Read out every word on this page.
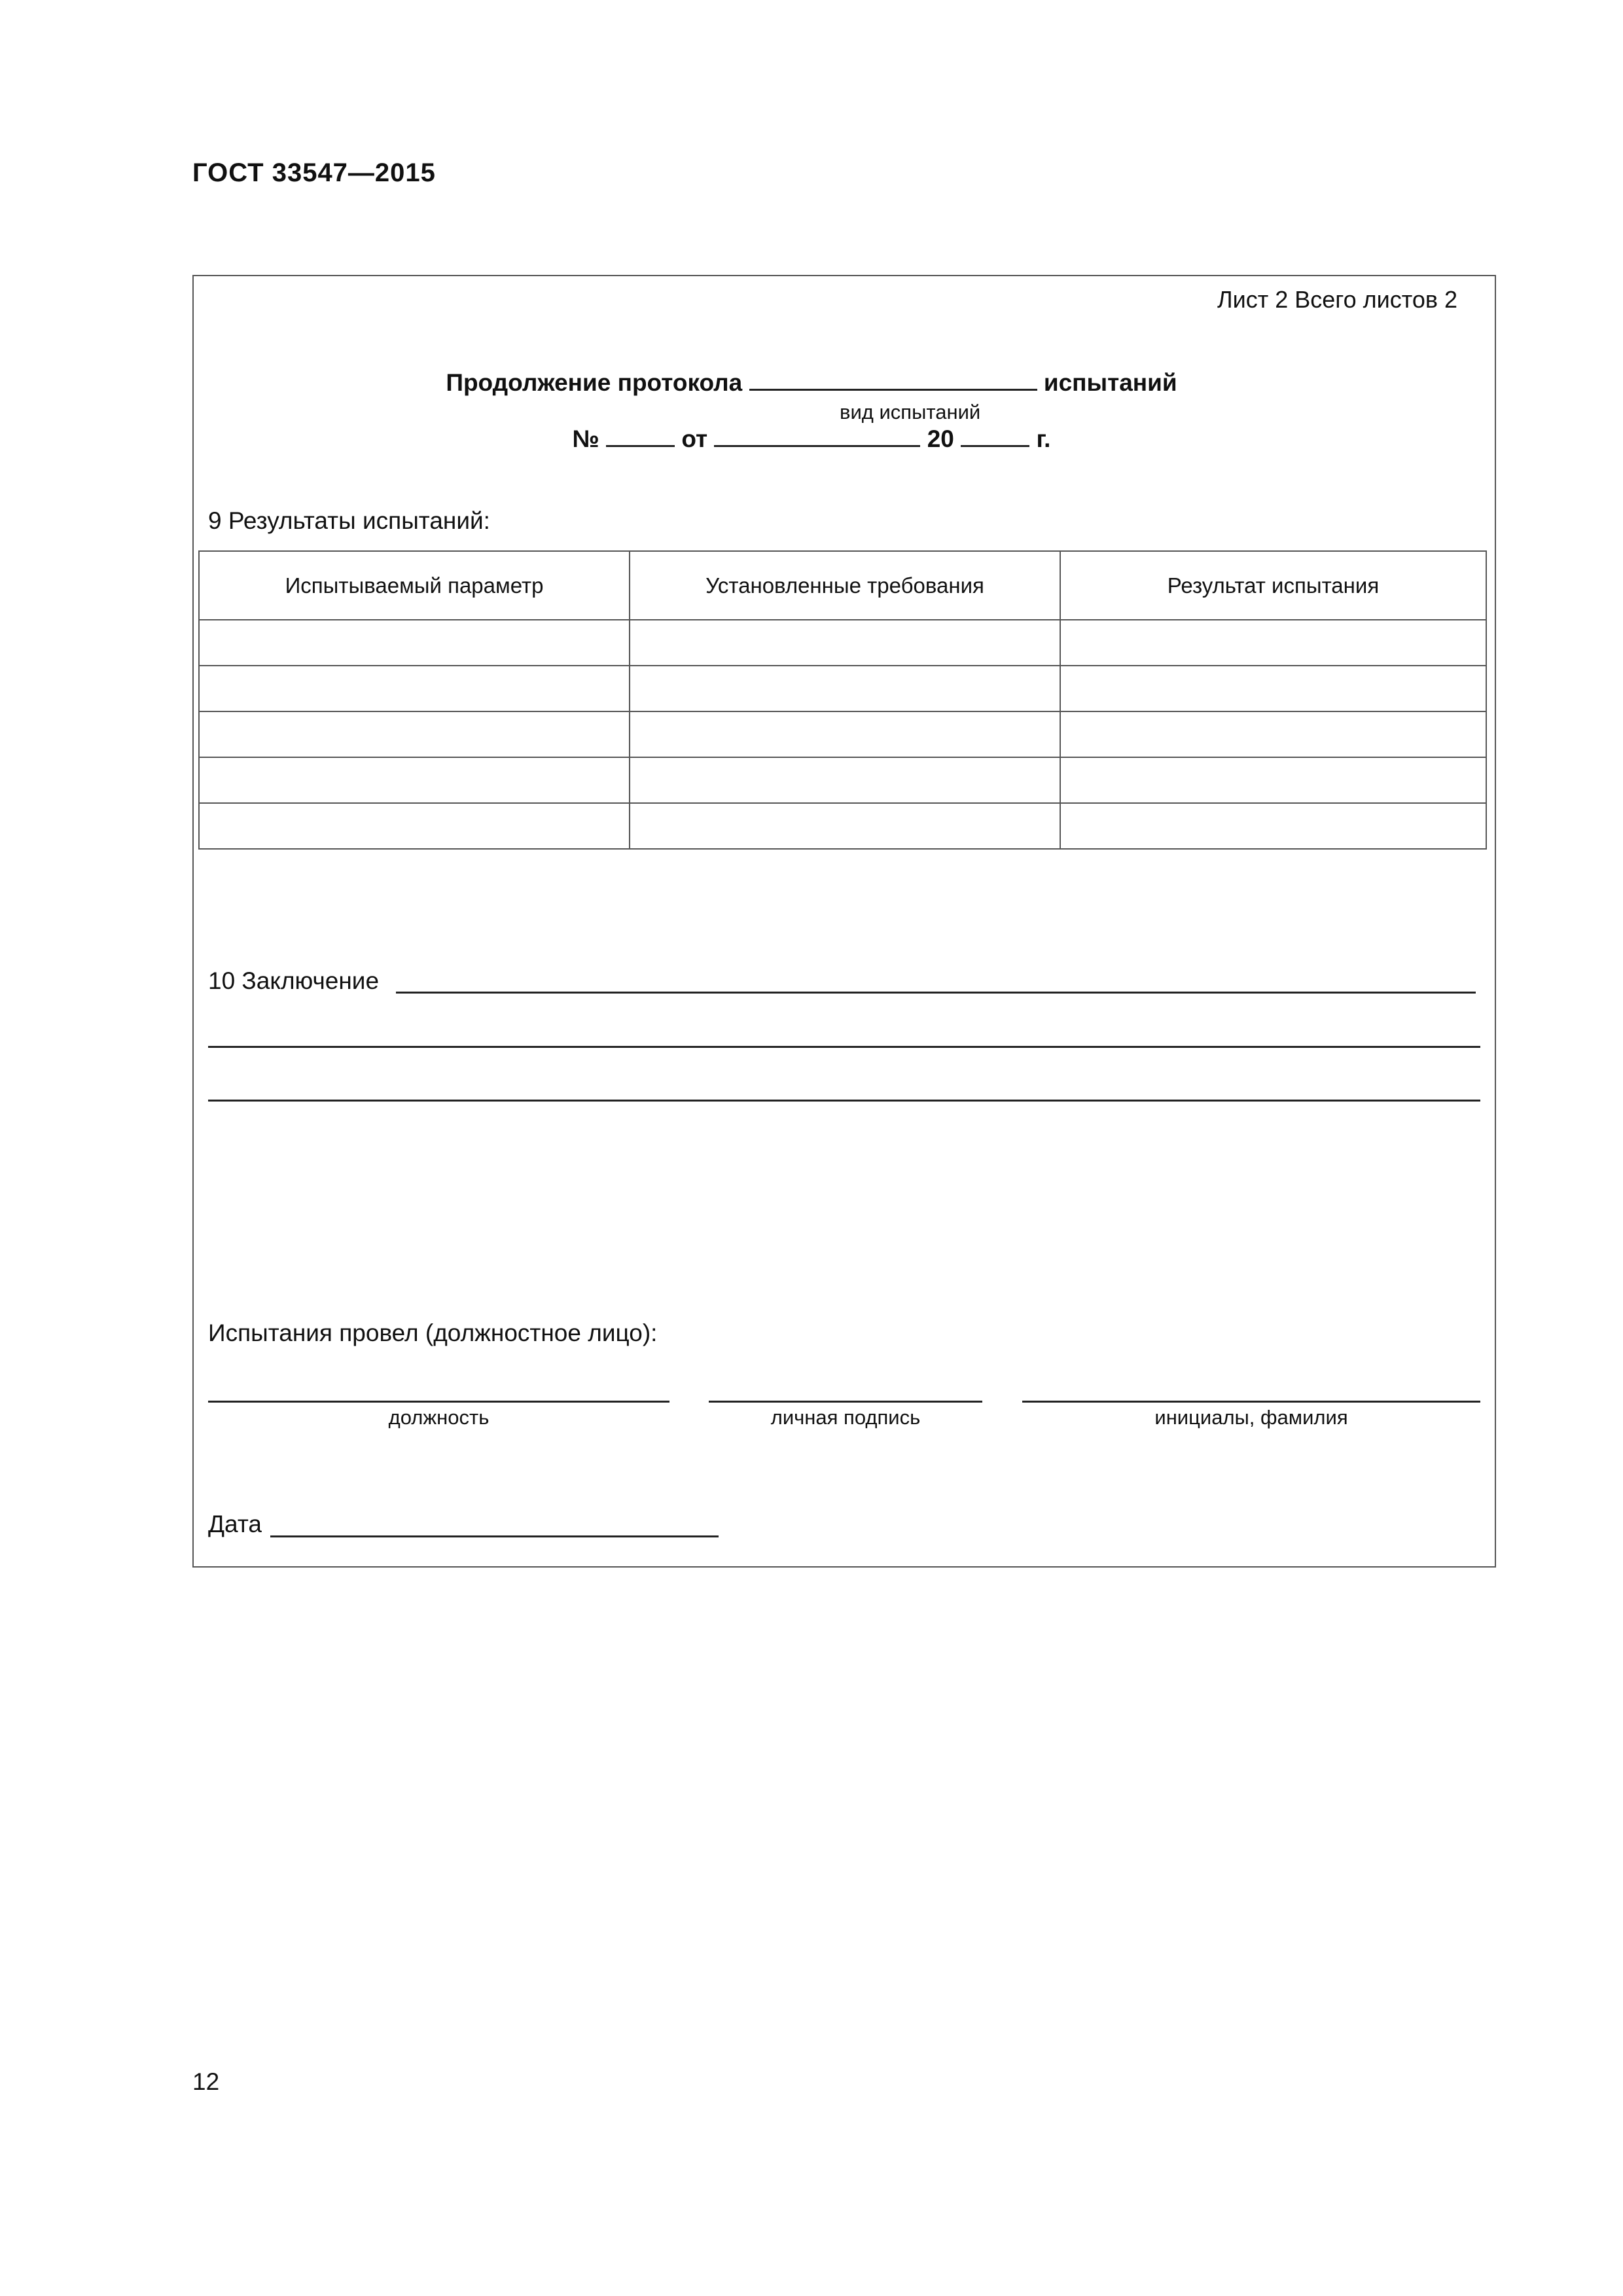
ГОСТ 33547—2015
Лист 2 Всего листов 2
Продолжение протокола	испытаний
вид испытаний
№	от	20	г.
9 Результаты испытаний:
Испытываемый параметр	Установленные требования	Результат испытания

10 Заключение
Испытания провел (должностное лицо):
должность	личная подпись	инициалы, фамилия
Дата
12
